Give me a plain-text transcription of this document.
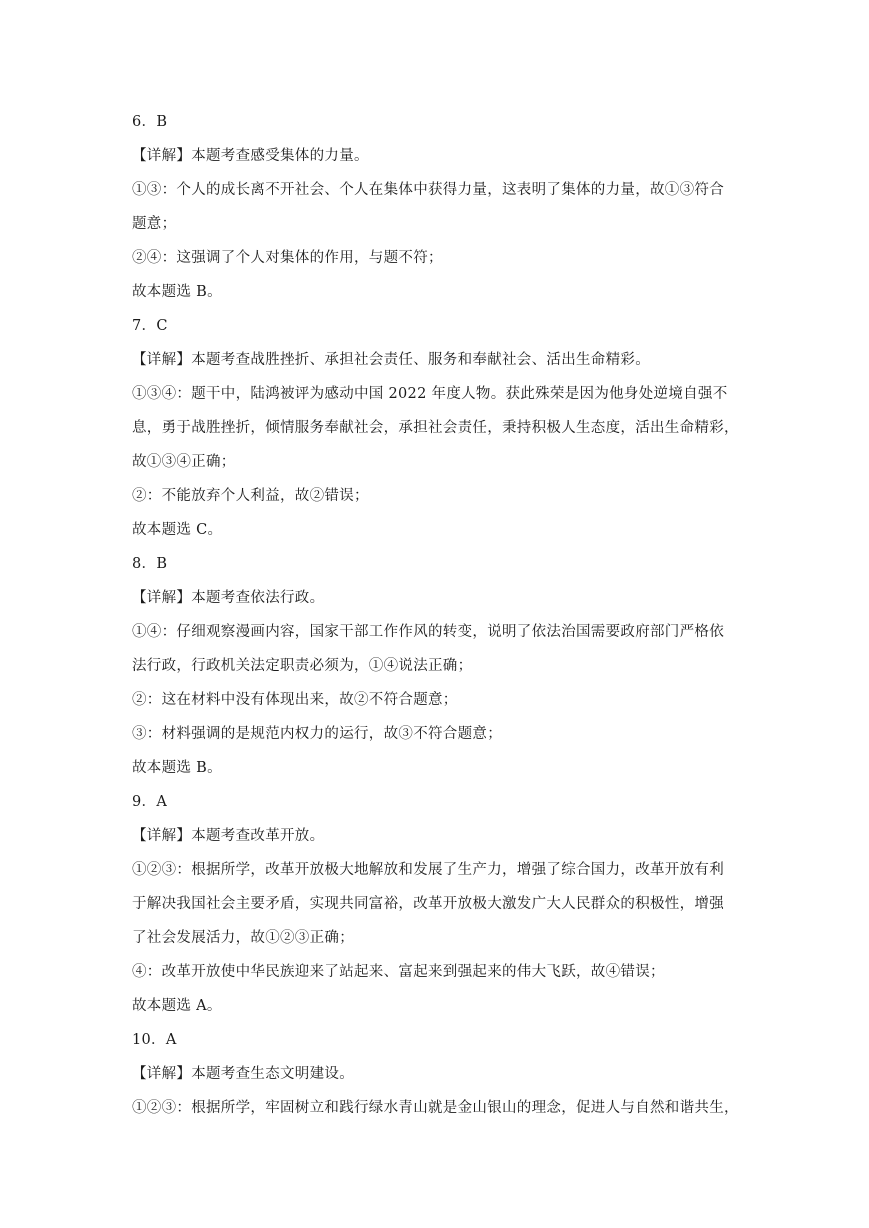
6．B
【详解】本题考查感受集体的力量。
①③：个人的成长离不开社会、个人在集体中获得力量，这表明了集体的力量，故①③符合
题意；
②④：这强调了个人对集体的作用，与题不符；
故本题选 B。
7．C
【详解】本题考查战胜挫折、承担社会责任、服务和奉献社会、活出生命精彩。
①③④：题干中，陆鸿被评为感动中国 2022 年度人物。获此殊荣是因为他身处逆境自强不
息，勇于战胜挫折，倾情服务奉献社会，承担社会责任，秉持积极人生态度，活出生命精彩，
故①③④正确；
②：不能放弃个人利益，故②错误；
故本题选 C。
8．B
【详解】本题考查依法行政。
①④：仔细观察漫画内容，国家干部工作作风的转变，说明了依法治国需要政府部门严格依
法行政，行政机关法定职责必须为，①④说法正确；
②：这在材料中没有体现出来，故②不符合题意；
③：材料强调的是规范内权力的运行，故③不符合题意；
故本题选 B。
9．A
【详解】本题考查改革开放。
①②③：根据所学，改革开放极大地解放和发展了生产力，增强了综合国力，改革开放有利
于解决我国社会主要矛盾，实现共同富裕，改革开放极大激发广大人民群众的积极性，增强
了社会发展活力，故①②③正确；
④：改革开放使中华民族迎来了站起来、富起来到强起来的伟大飞跃，故④错误；
故本题选 A。
10．A
【详解】本题考查生态文明建设。
①②③：根据所学，牢固树立和践行绿水青山就是金山银山的理念，促进人与自然和谐共生，
